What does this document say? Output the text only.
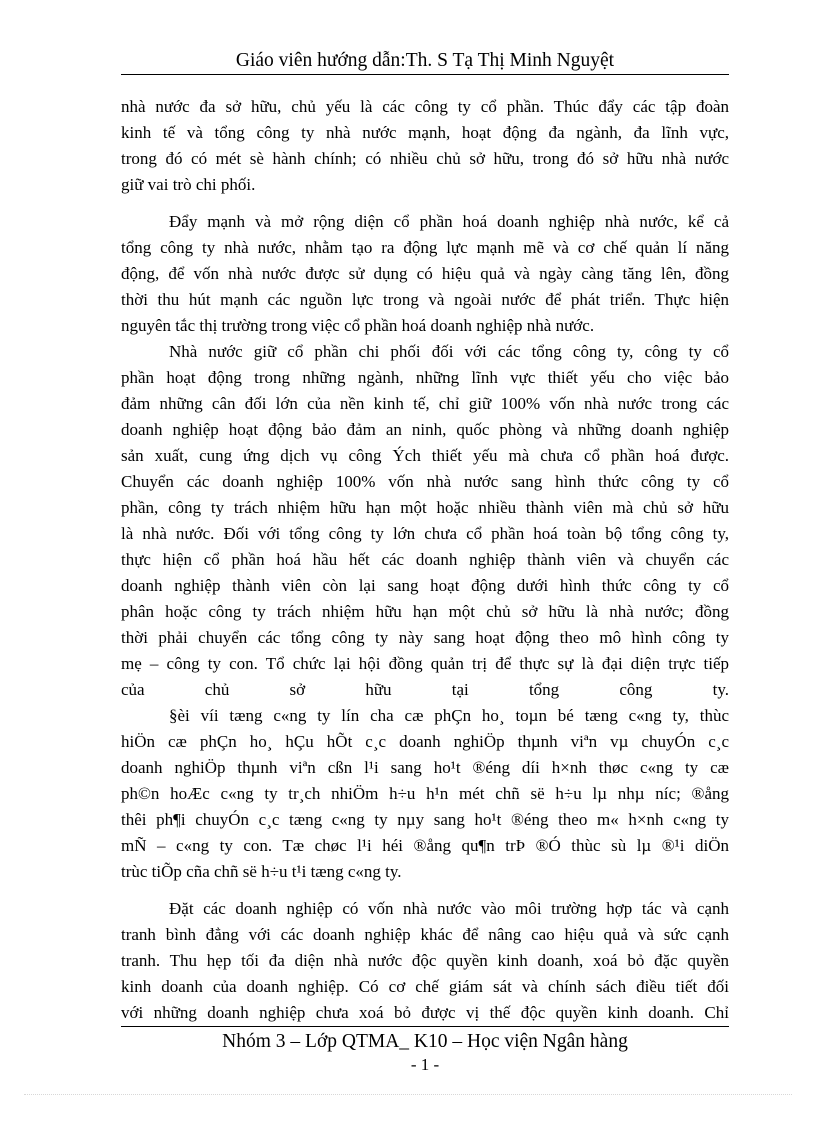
Giáo viên hướng dẫn:Th. S Tạ Thị Minh Nguyệt
nhà nước đa sở hữu, chủ yếu là các công ty cổ phần. Thúc đẩy các tập đoàn
kinh tế và tổng công ty nhà nước mạnh, hoạt động đa ngành, đa lĩnh vực,
trong đó có mét sè hành chính; có nhiều chủ sở hữu, trong đó sở hữu nhà nước
giữ vai trò chi phối.
Đẩy mạnh và mở rộng diện cổ phần hoá doanh nghiệp nhà nước, kể cả
tổng công ty nhà nước, nhằm tạo ra động lực mạnh mẽ và cơ chế quản lí năng
động, để vốn nhà nước được sử dụng có hiệu quả và ngày càng tăng lên, đồng
thời thu hút mạnh các nguồn lực trong và ngoài nước để phát triển. Thực hiện
nguyên tắc thị trường trong việc cổ phần hoá doanh nghiệp nhà nước.
Nhà nước giữ cổ phần chi phối đối với các tổng công ty, công ty cổ
phần hoạt động trong những ngành, những lĩnh vực thiết yếu cho việc bảo
đảm những cân đối lớn của nền kinh tế, chỉ giữ 100% vốn nhà nước trong các
doanh nghiệp hoạt động bảo đảm an ninh, quốc phòng và những doanh nghiệp
sản xuất, cung ứng dịch vụ công Ých thiết yếu mà chưa cổ phần hoá được.
Chuyển các doanh nghiệp 100% vốn nhà nước sang hình thức công ty cổ
phần, công ty trách nhiệm hữu hạn một hoặc nhiều thành viên mà chủ sở hữu
là nhà nước. Đối với tổng công ty lớn chưa cổ phần hoá toàn bộ tổng công ty,
thực hiện cổ phần hoá hầu hết các doanh nghiệp thành viên và chuyển các
doanh nghiệp thành viên còn lại sang hoạt động dưới hình thức công ty cổ
phân hoặc công ty trách nhiệm hữu hạn một chủ sở hữu là nhà nước; đồng
thời phải chuyển các tổng công ty này sang hoạt động theo mô hình công ty
mẹ – công ty con. Tổ chức lại hội đồng quản trị để thực sự là đại diện trực tiếp
của chủ sở hữu tại tổng công ty.
§èi víi tæng c«ng ty lín cha cæ phÇn ho¸ toµn bé tæng c«ng ty, thùc
hiÖn cæ phÇn ho¸ hÇu hÕt c¸c doanh nghiÖp thµnh viªn vµ chuyÓn c¸c
doanh nghiÖp thµnh viªn cßn l¹i sang ho¹t ®éng díi h×nh thøc c«ng ty cæ
ph©n hoÆc c«ng ty tr¸ch nhiÖm h÷u h¹n mét chñ së h÷u lµ nhµ níc; ®ång
thêi ph¶i chuyÓn c¸c tæng c«ng ty nµy sang ho¹t ®éng theo m« h×nh c«ng ty
mÑ – c«ng ty con. Tæ chøc l¹i héi ®ång qu¶n trÞ ®Ó thùc sù lµ ®¹i diÖn
trùc tiÕp cña chñ së h÷u t¹i tæng c«ng ty.
Đặt các doanh nghiệp có vốn nhà nước vào môi trường hợp tác và cạnh
tranh bình đẳng với các doanh nghiệp khác để nâng cao hiệu quả và sức cạnh
tranh. Thu hẹp tối đa diện nhà nước độc quyền kinh doanh, xoá bỏ đặc quyền
kinh doanh của doanh nghiệp. Có cơ chế giám sát và chính sách điều tiết đối
với những doanh nghiệp chưa xoá bỏ được vị thế độc quyền kinh doanh. Chỉ
Nhóm 3 – Lớp QTMA_ K10 – Học viện Ngân hàng
- 1 -
